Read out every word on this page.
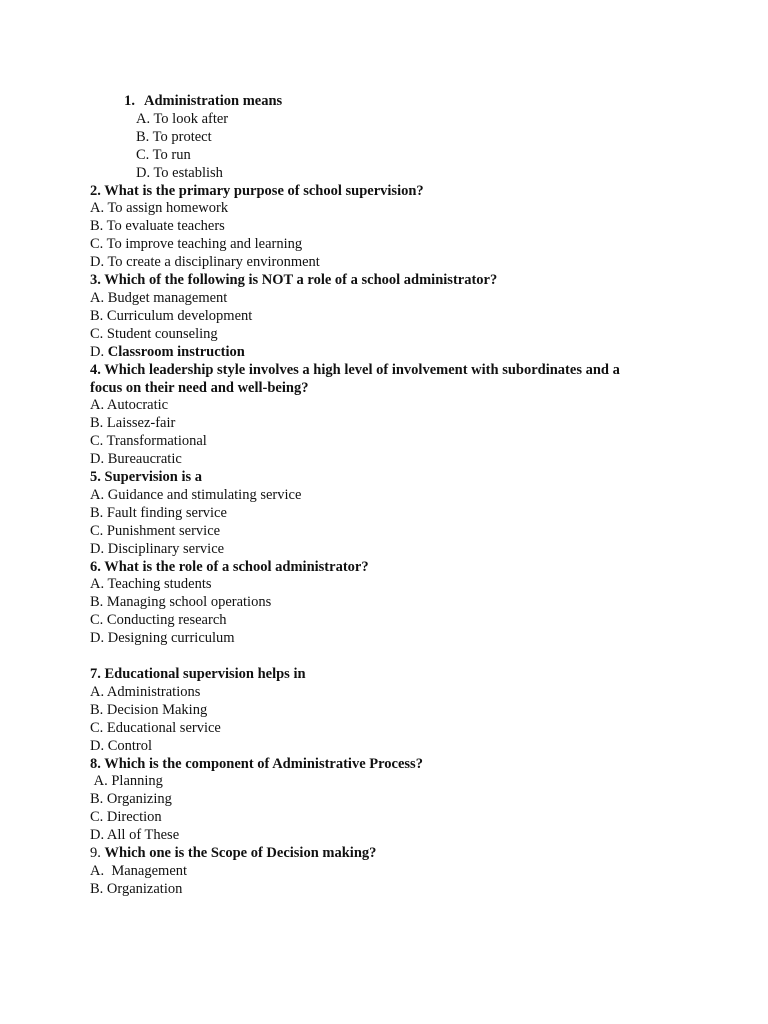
1. Administration means
A. To look after
B. To protect
C. To run
D. To establish
2. What is the primary purpose of school supervision?
A. To assign homework
B. To evaluate teachers
C. To improve teaching and learning
D. To create a disciplinary environment
3. Which of the following is NOT a role of a school administrator?
A. Budget management
B. Curriculum development
C. Student counseling
D. Classroom instruction
4. Which leadership style involves a high level of involvement with subordinates and a
focus on their need and well-being?
A. Autocratic
B. Laissez-fair
C. Transformational
D. Bureaucratic
5. Supervision is a
A. Guidance and stimulating service
B. Fault finding service
C. Punishment service
D. Disciplinary service
6. What is the role of a school administrator?
A. Teaching students
B. Managing school operations
C. Conducting research
D. Designing curriculum
7. Educational supervision helps in
A. Administrations
B. Decision Making
C. Educational service
D. Control
8. Which is the component of Administrative Process?
A. Planning
B. Organizing
C. Direction
D. All of These
9. Which one is the Scope of Decision making?
A.  Management
B. Organization
